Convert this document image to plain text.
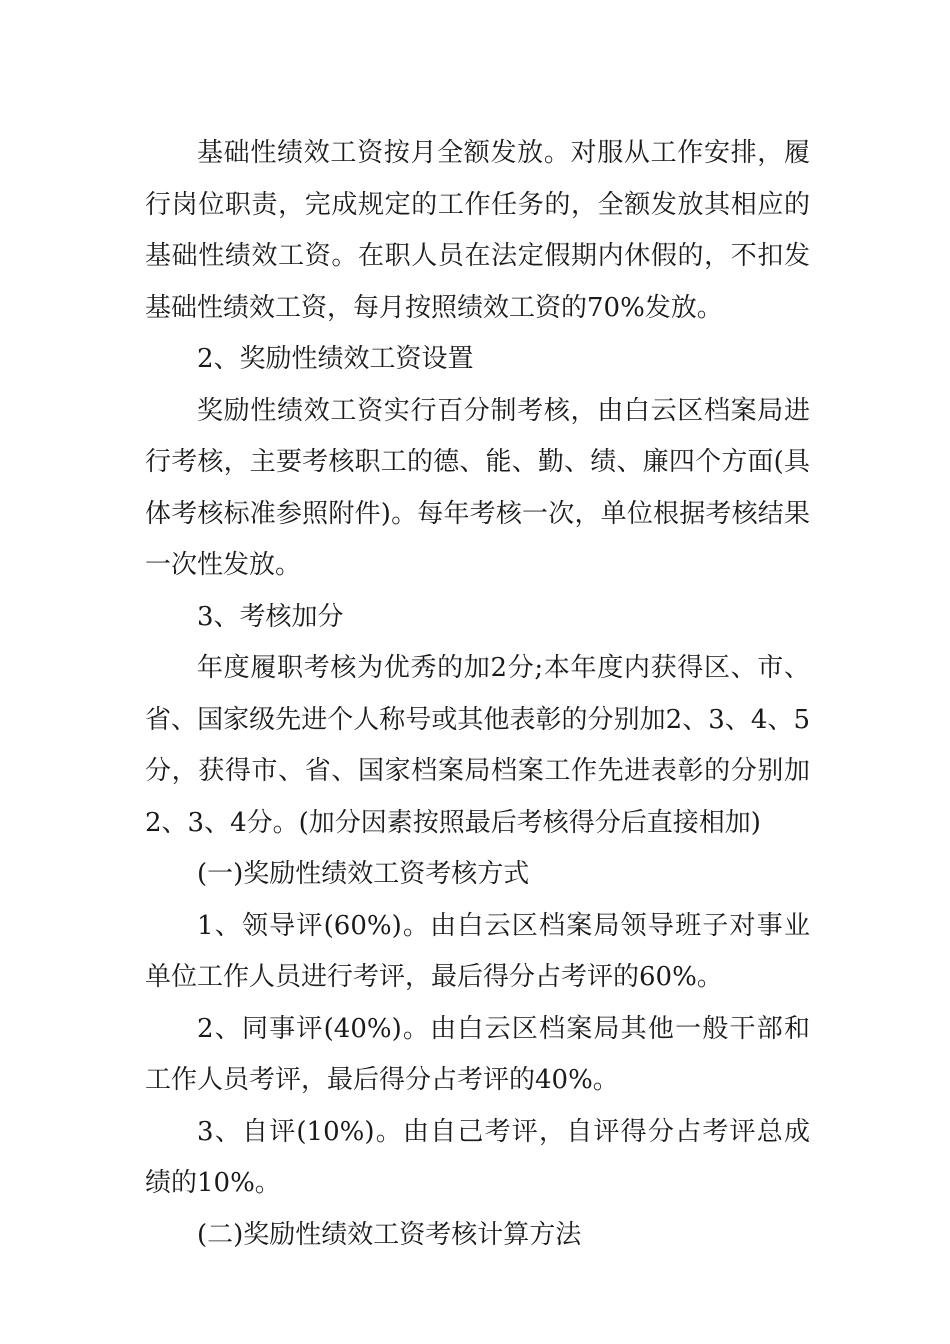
基础性绩效工资按月全额发放。对服从工作安排，履行岗位职责，完成规定的工作任务的，全额发放其相应的基础性绩效工资。在职人员在法定假期内休假的，不扣发基础性绩效工资，每月按照绩效工资的70%发放。

2、奖励性绩效工资设置

奖励性绩效工资实行百分制考核，由白云区档案局进行考核，主要考核职工的德、能、勤、绩、廉四个方面(具体考核标准参照附件)。每年考核一次，单位根据考核结果一次性发放。

3、考核加分

年度履职考核为优秀的加2分;本年度内获得区、市、省、国家级先进个人称号或其他表彰的分别加2、3、4、5分，获得市、省、国家档案局档案工作先进表彰的分别加2、3、4分。(加分因素按照最后考核得分后直接相加)

(一)奖励性绩效工资考核方式

1、领导评(60%)。由白云区档案局领导班子对事业单位工作人员进行考评，最后得分占考评的60%。

2、同事评(40%)。由白云区档案局其他一般干部和工作人员考评，最后得分占考评的40%。

3、自评(10%)。由自己考评，自评得分占考评总成绩的10%。

(二)奖励性绩效工资考核计算方法
